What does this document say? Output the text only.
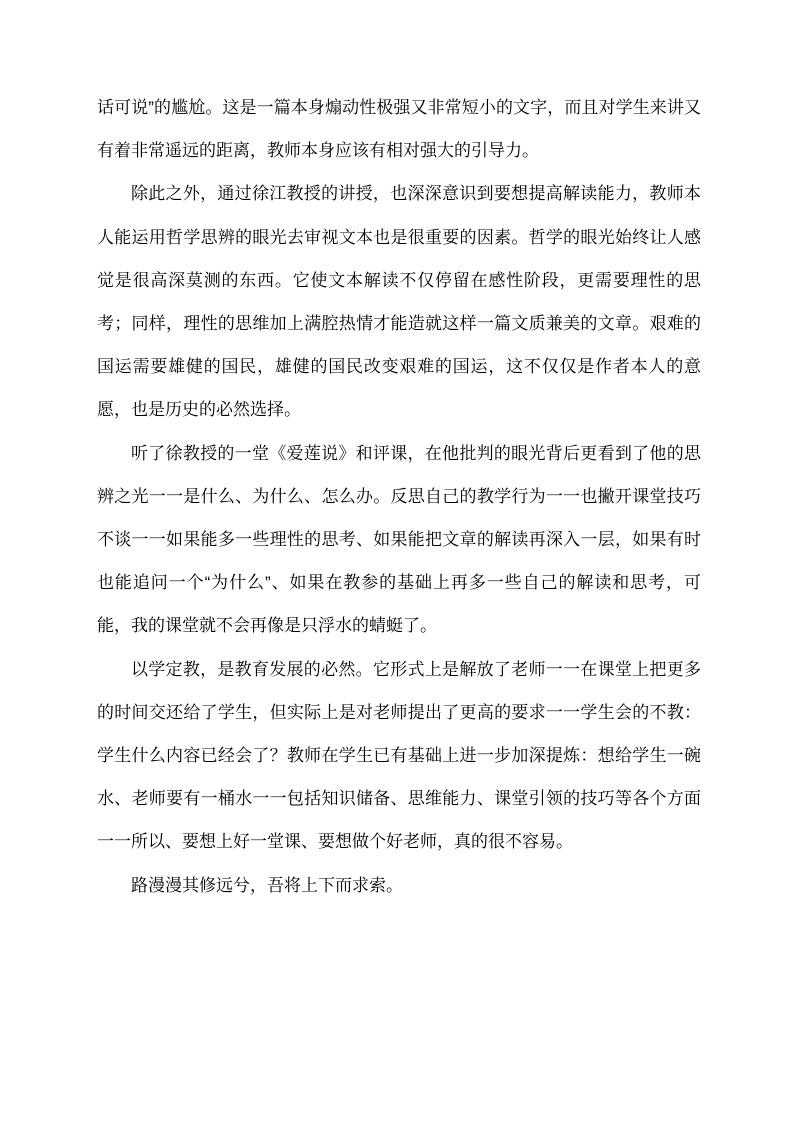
话可说”的尴尬。这是一篇本身煽动性极强又非常短小的文字，而且对学生来讲又有着非常遥远的距离，教师本身应该有相对强大的引导力。

除此之外，通过徐江教授的讲授，也深深意识到要想提高解读能力，教师本人能运用哲学思辨的眼光去审视文本也是很重要的因素。哲学的眼光始终让人感觉是很高深莫测的东西。它使文本解读不仅停留在感性阶段，更需要理性的思考；同样，理性的思维加上满腔热情才能造就这样一篇文质兼美的文章。艰难的国运需要雄健的国民，雄健的国民改变艰难的国运，这不仅仅是作者本人的意愿，也是历史的必然选择。

听了徐教授的一堂《爱莲说》和评课，在他批判的眼光背后更看到了他的思辨之光一一是什么、为什么、怎么办。反思自己的教学行为一一也撇开课堂技巧不谈一一如果能多一些理性的思考、如果能把文章的解读再深入一层，如果有时也能追问一个“为什么”、如果在教参的基础上再多一些自己的解读和思考，可能，我的课堂就不会再像是只浮水的蜻蜓了。

以学定教，是教育发展的必然。它形式上是解放了老师一一在课堂上把更多的时间交还给了学生，但实际上是对老师提出了更高的要求一一学生会的不教：学生什么内容已经会了？教师在学生已有基础上进一步加深提炼：想给学生一碗水、老师要有一桶水一一包括知识储备、思维能力、课堂引领的技巧等各个方面一一所以、要想上好一堂课、要想做个好老师，真的很不容易。

路漫漫其修远兮，吾将上下而求索。
